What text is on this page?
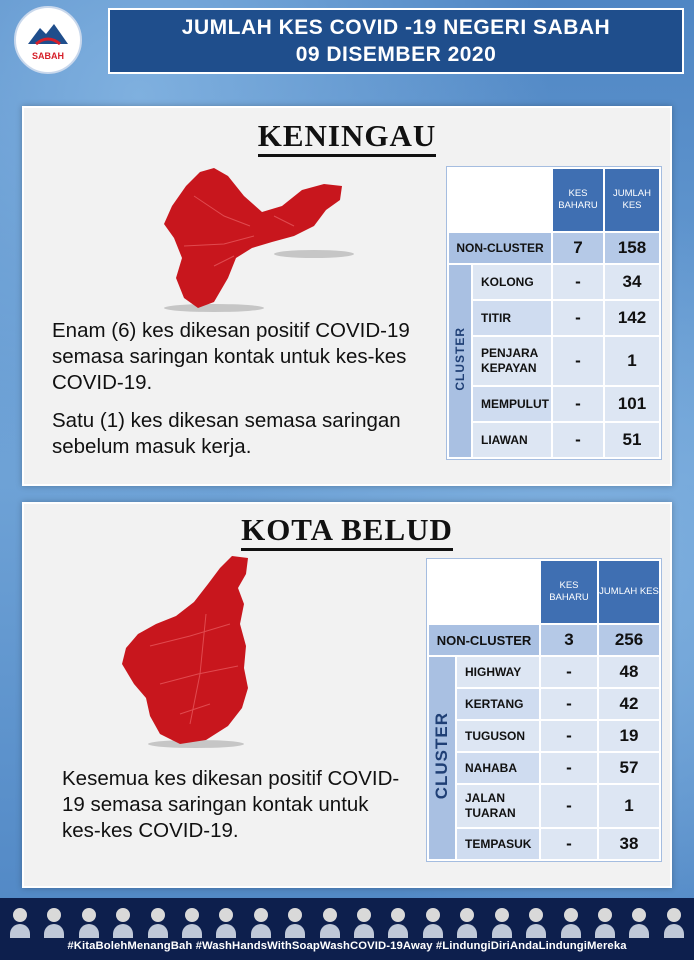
SABAH
JUMLAH KES COVID -19 NEGERI SABAH
09 DISEMBER 2020
KENINGAU
		KES BAHARU	JUMLAH KES
NON-CLUSTER		7	158
CLUSTER	KOLONG	-	34
	TITIR	-	142
	PENJARA KEPAYAN	-	1
	MEMPULUT	-	101
	LIAWAN	-	51
Enam (6) kes dikesan positif COVID-19 semasa saringan kontak untuk kes-kes COVID-19.
Satu (1) kes dikesan semasa saringan sebelum masuk kerja.
KOTA BELUD
		KES BAHARU	JUMLAH KES
NON-CLUSTER		3	256
CLUSTER	HIGHWAY	-	48
	KERTANG	-	42
	TUGUSON	-	19
	NAHABA	-	57
	JALAN TUARAN	-	1
	TEMPASUK	-	38
Kesemua kes dikesan positif COVID-19 semasa saringan kontak untuk kes-kes COVID-19.
#KitaBolehMenangBah #WashHandsWithSoapWashCOVID-19Away #LindungiDiriAndaLindungiMereka
